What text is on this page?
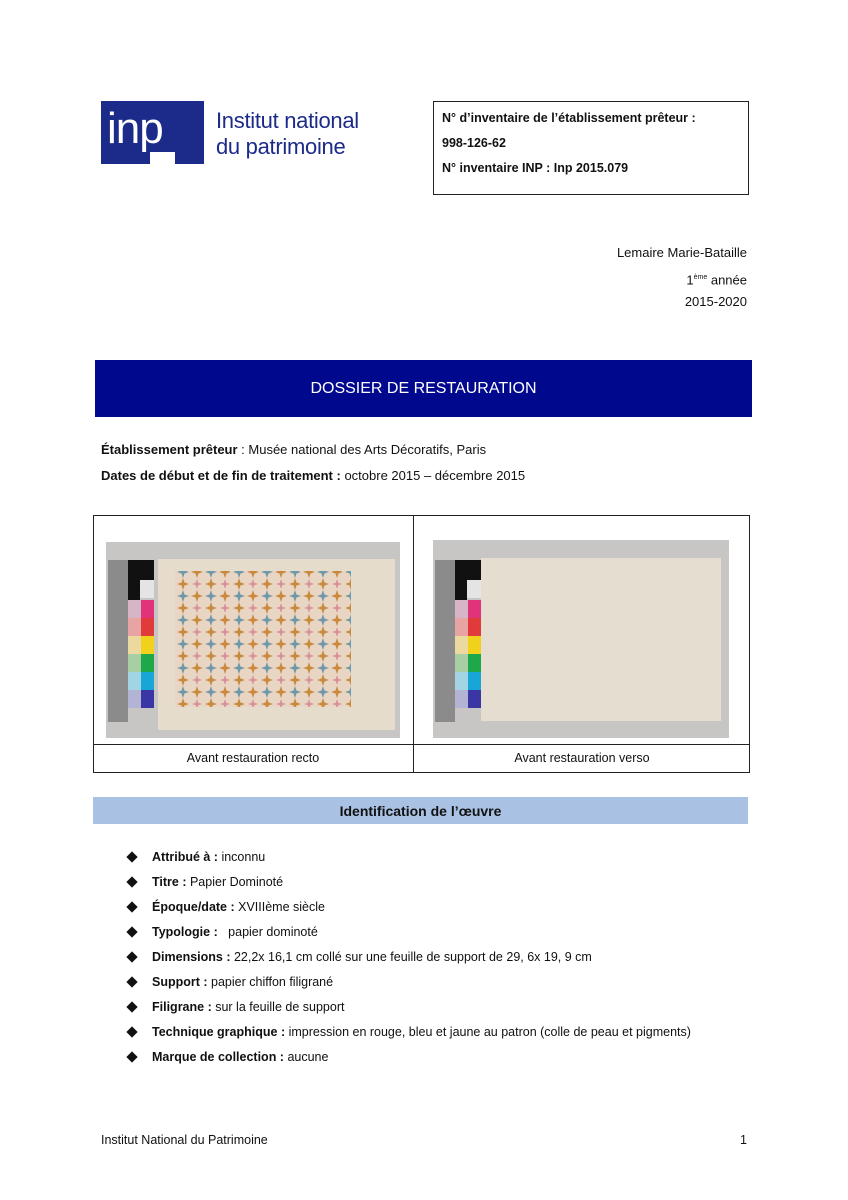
inp Institut national
du patrimoine
N° d’inventaire de l’établissement prêteur :
998-126-62
N° inventaire INP : Inp 2015.079
Lemaire Marie-Bataille
1ème année
2015-2020
DOSSIER DE RESTAURATION
Établissement prêteur : Musée national des Arts Décoratifs, Paris
Dates de début et de fin de traitement : octobre 2015 – décembre 2015
Avant restauration recto	Avant restauration verso
Identification de l’œuvre
Attribué à : inconnu
Titre : Papier Dominoté
Époque/date : XVIIIème siècle
Typologie :   papier dominoté
Dimensions : 22,2x 16,1 cm collé sur une feuille de support de 29, 6x 19, 9 cm
Support : papier chiffon filigrané
Filigrane : sur la feuille de support
Technique graphique : impression en rouge, bleu et jaune au patron (colle de peau et pigments)
Marque de collection : aucune
Institut National du Patrimoine	1
